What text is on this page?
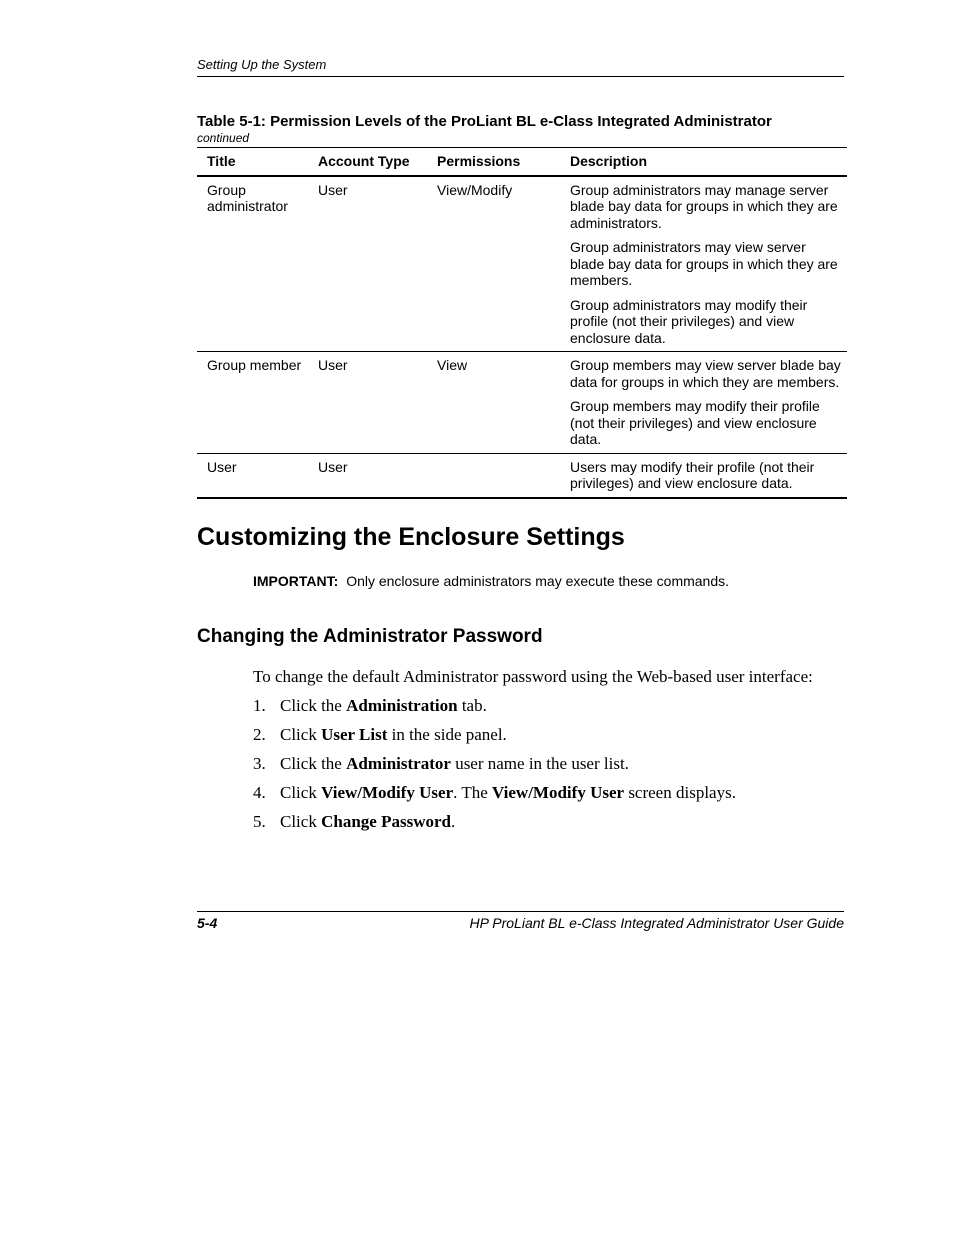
Setting Up the System
Table 5-1: Permission Levels of the ProLiant BL e-Class Integrated Administrator
continued
Title	Account Type	Permissions	Description
Group administrator	User	View/Modify	Group administrators may manage server blade bay data for groups in which they are administrators.

Group administrators may view server blade bay data for groups in which they are members.

Group administrators may modify their profile (not their privileges) and view enclosure data.

Group member	User	View	Group members may view server blade bay data for groups in which they are members.

Group members may modify their profile (not their privileges) and view enclosure data.

User	User		Users may modify their profile (not their privileges) and view enclosure data.

Customizing the Enclosure Settings
IMPORTANT: Only enclosure administrators may execute these commands.
Changing the Administrator Password
To change the default Administrator password using the Web-based user interface:
1. Click the Administration tab.
2. Click User List in the side panel.
3. Click the Administrator user name in the user list.
4. Click View/Modify User. The View/Modify User screen displays.
5. Click Change Password.
5-4	HP ProLiant BL e-Class Integrated Administrator User Guide
